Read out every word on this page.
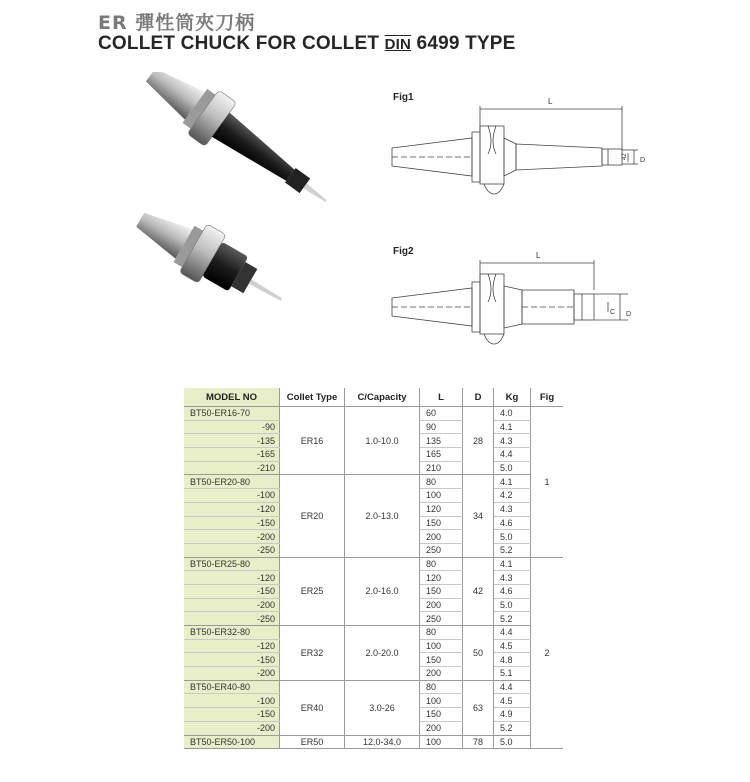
ER 彈性筒夾刀柄
COLLET CHUCK FOR COLLET DIN 6499 TYPE
Fig1	L
D
42
Fig2	L
D
C
MODEL NO	Collet Type	C/Capacity	L	D	Kg	Fig
BT50-ER16-70	ER16	1.0-10.0	60	28	4.0	1
-90			90		4.1	
-135			135		4.3	
-165			165		4.4	
-210			210		5.0	
BT50-ER20-80	ER20	2.0-13.0	80	34	4.1	
-100			100		4.2	
-120			120		4.3	
-150			150		4.6	
-200			200		5.0	
-250			250		5.2	
BT50-ER25-80	ER25	2.0-16.0	80	42	4.1	2
-120			120		4.3	
-150			150		4.6	
-200			200		5.0	
-250			250		5.2	
BT50-ER32-80	ER32	2.0-20.0	80	50	4.4	
-120			100		4.5	
-150			150		4.8	
-200			200		5.1	
BT50-ER40-80	ER40	3.0-26	80	63	4.4	
-100			100		4.5	
-150			150		4.9	
-200			200		5.2	
BT50-ER50-100	ER50	12.0-34.0	100	78	5.0	
